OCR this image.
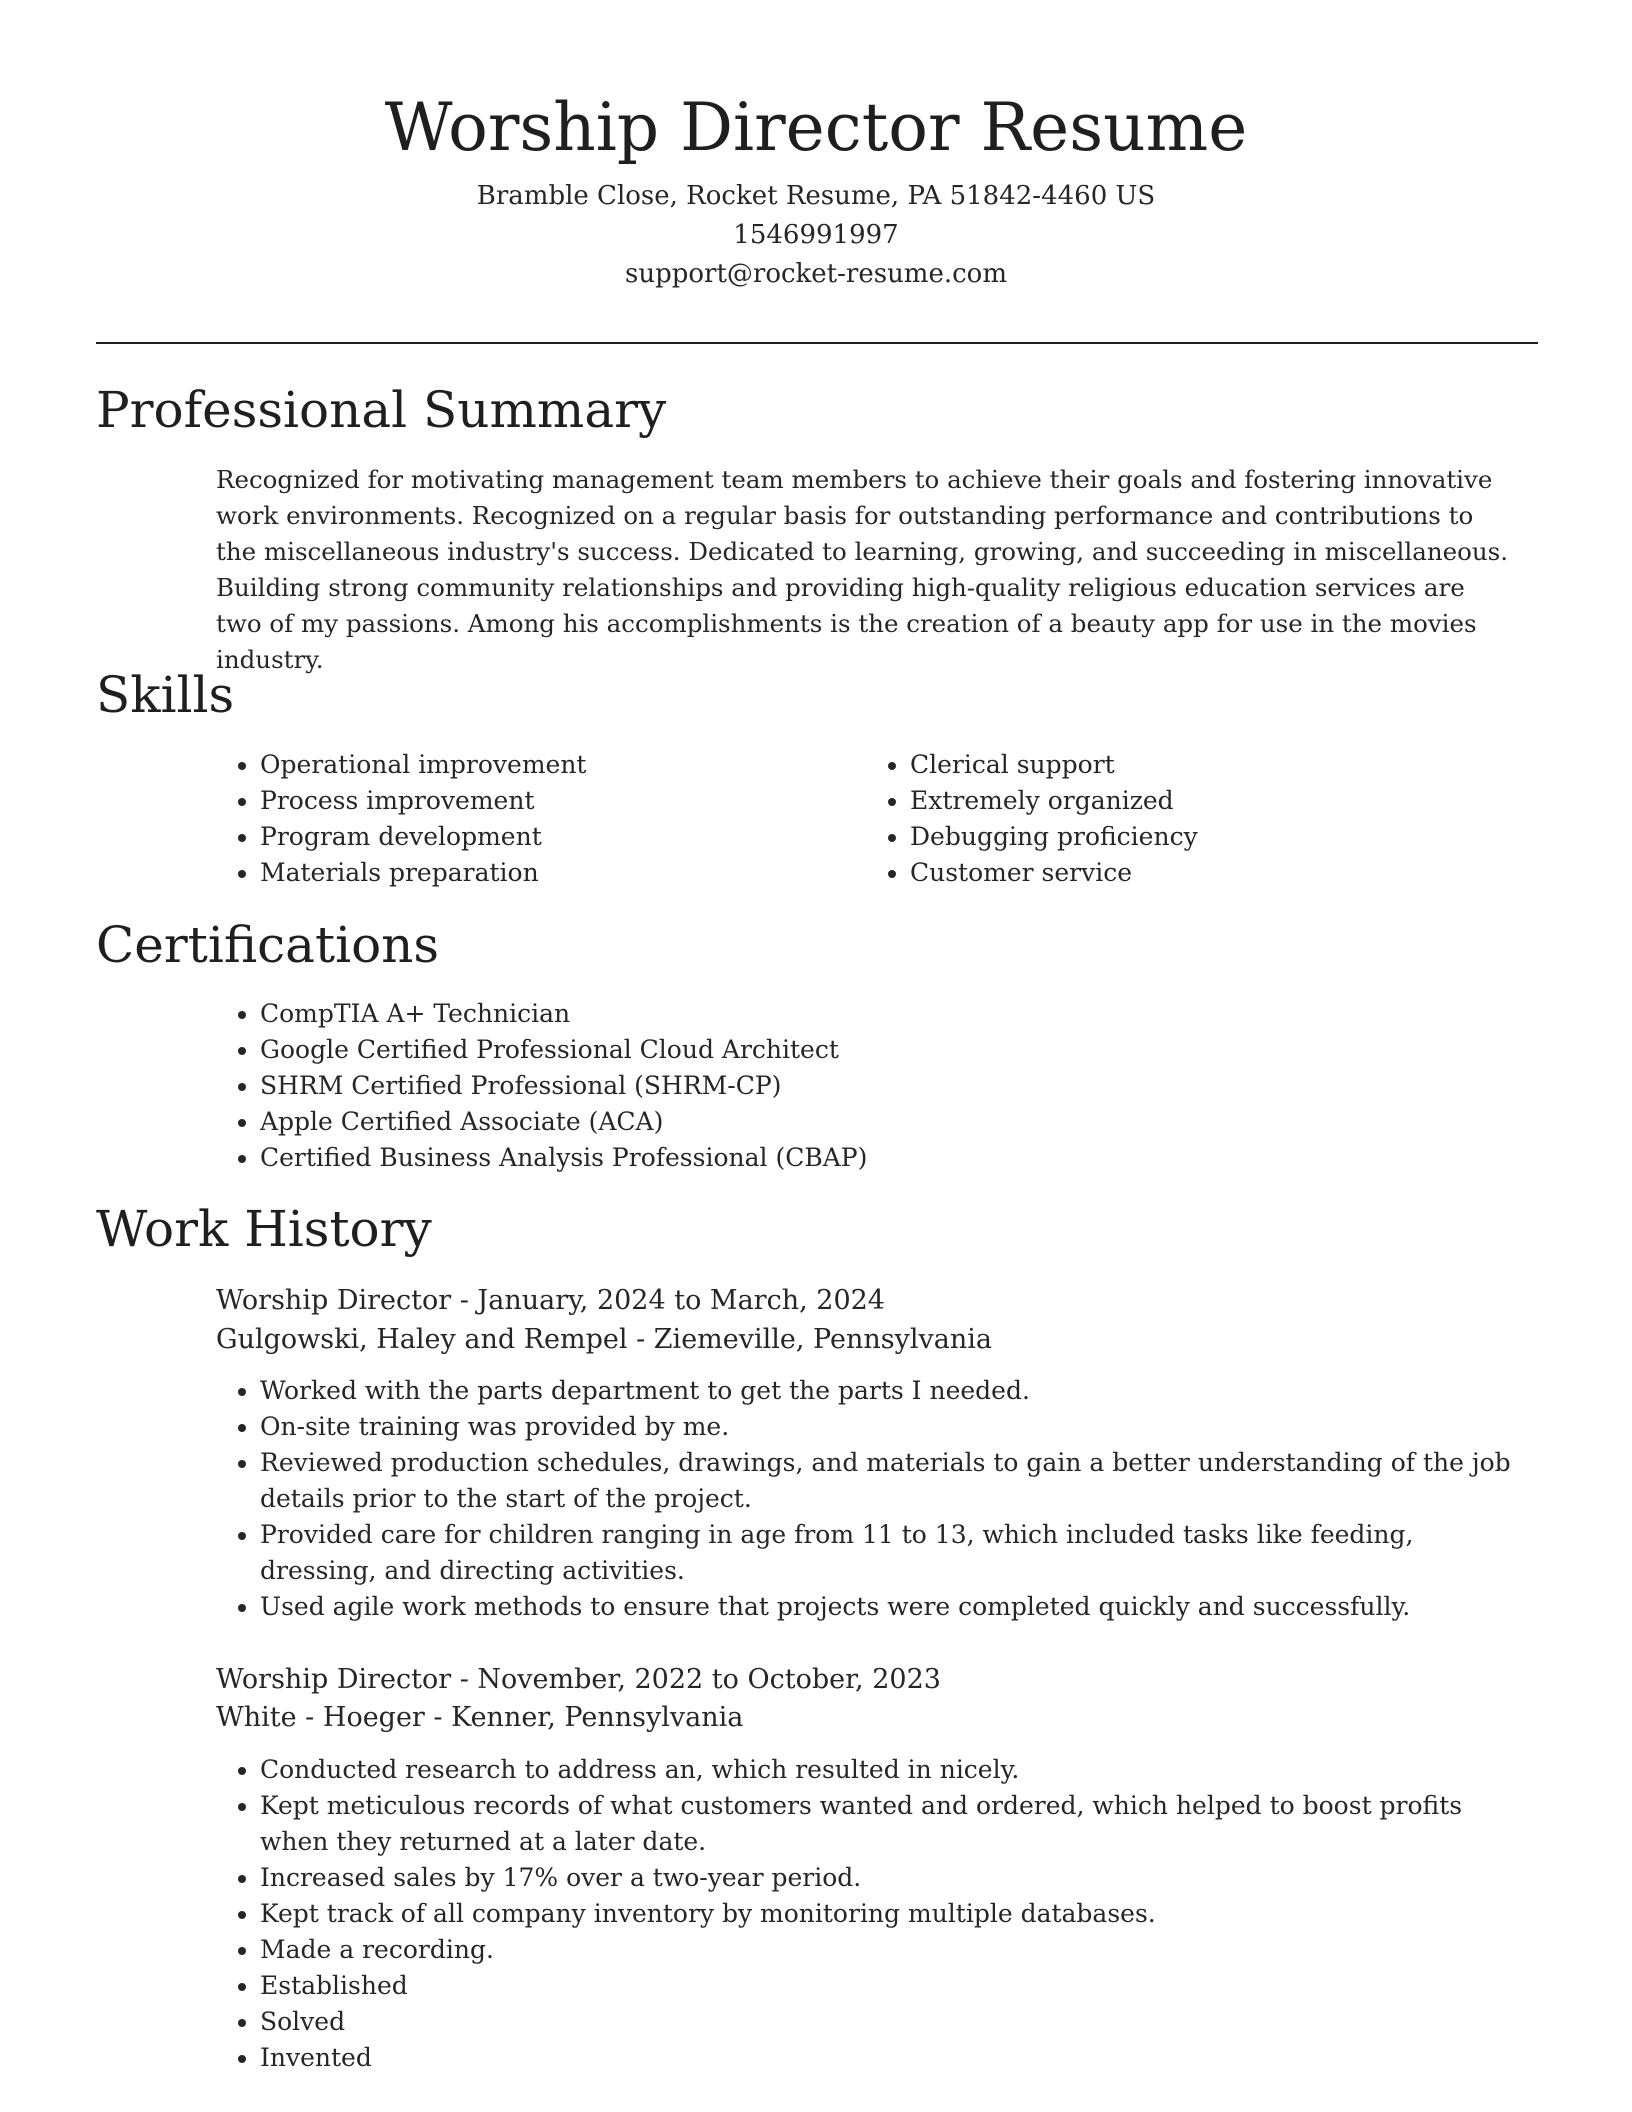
Worship Director Resume
Bramble Close, Rocket Resume, PA 51842-4460 US
1546991997
support@rocket-resume.com
Professional Summary

Recognized for motivating management team members to achieve their goals and fostering innovative work environments. Recognized on a regular basis for outstanding performance and contributions to the miscellaneous industry's success. Dedicated to learning, growing, and succeeding in miscellaneous. Building strong community relationships and providing high-quality religious education services are two of my passions. Among his accomplishments is the creation of a beauty app for use in the movies industry.

Skills
• Operational improvement
• Process improvement
• Program development
• Materials preparation
• Clerical support
• Extremely organized
• Debugging proficiency
• Customer service
Certifications
• CompTIA A+ Technician
• Google Certified Professional Cloud Architect
• SHRM Certified Professional (SHRM-CP)
• Apple Certified Associate (ACA)
• Certified Business Analysis Professional (CBAP)
Work History
Worship Director - January, 2024 to March, 2024
Gulgowski, Haley and Rempel - Ziemeville, Pennsylvania
• Worked with the parts department to get the parts I needed.
• On-site training was provided by me.
• Reviewed production schedules, drawings, and materials to gain a better understanding of the job details prior to the start of the project.
• Provided care for children ranging in age from 11 to 13, which included tasks like feeding, dressing, and directing activities.
• Used agile work methods to ensure that projects were completed quickly and successfully.
Worship Director - November, 2022 to October, 2023
White - Hoeger - Kenner, Pennsylvania
• Conducted research to address an, which resulted in nicely.
• Kept meticulous records of what customers wanted and ordered, which helped to boost profits when they returned at a later date.
• Increased sales by 17% over a two-year period.
• Kept track of all company inventory by monitoring multiple databases.
• Made a recording.
• Established
• Solved
• Invented
